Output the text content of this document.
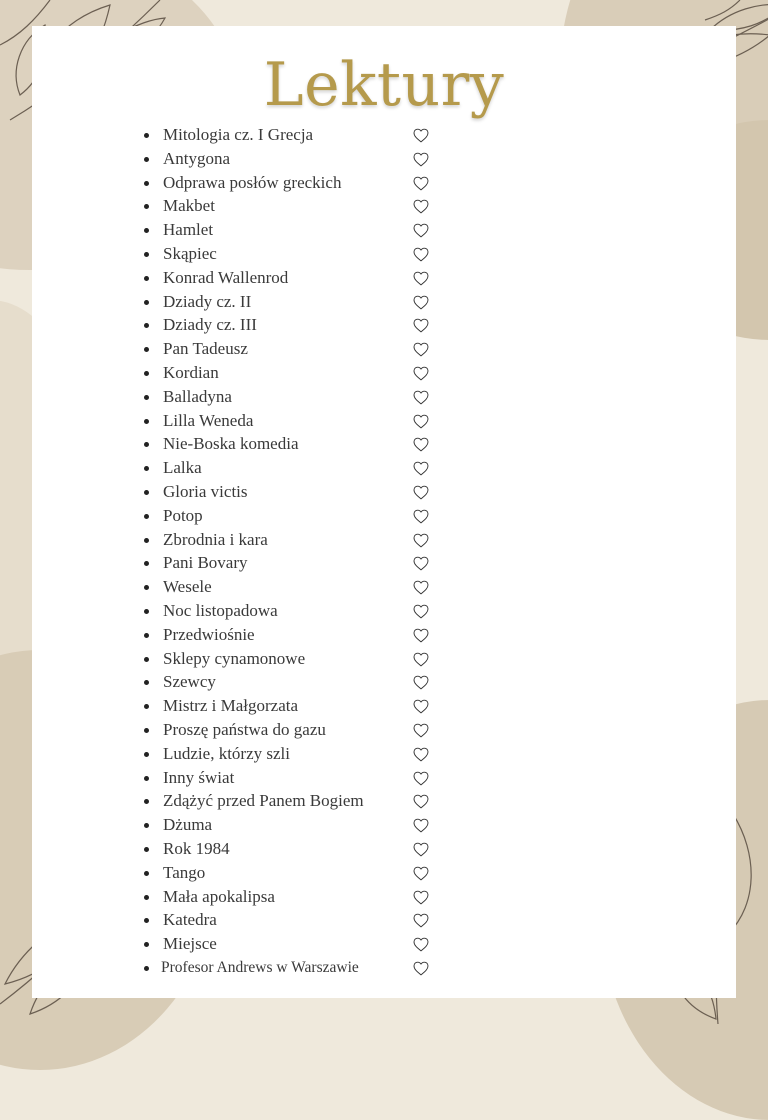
Lektury
Mitologia cz. I Grecja
Antygona
Odprawa posłów greckich
Makbet
Hamlet
Skąpiec
Konrad Wallenrod
Dziady cz. II
Dziady cz. III
Pan Tadeusz
Kordian
Balladyna
Lilla Weneda
Nie-Boska komedia
Lalka
Gloria victis
Potop
Zbrodnia i kara
Pani Bovary
Wesele
Noc listopadowa
Przedwiośnie
Sklepy cynamonowe
Szewcy
Mistrz i Małgorzata
Proszę państwa do gazu
Ludzie, którzy szli
Inny świat
Zdążyć przed Panem Bogiem
Dżuma
Rok 1984
Tango
Mała apokalipsa
Katedra
Miejsce
Profesor Andrews w Warszawie
